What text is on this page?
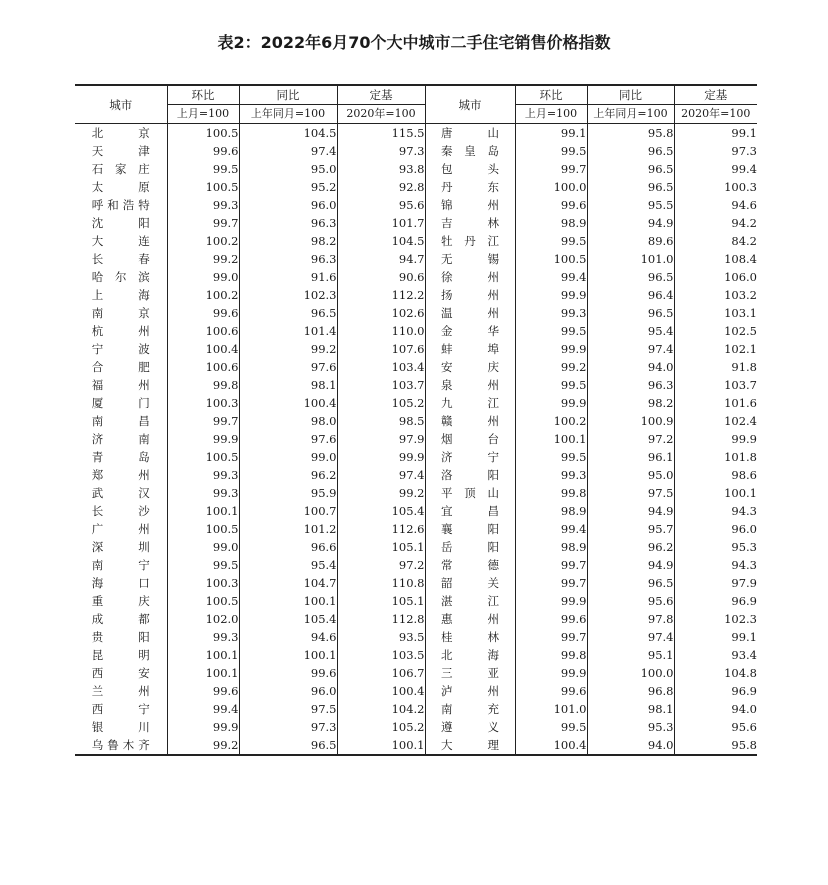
表2：2022年6月70个大中城市二手住宅销售价格指数
城市	环比	同比	定基	城市	环比	同比	定基
	上月=100	上年同月=100	2020年=100		上月=100	上年同月=100	2020年=100
北　京	100.5	104.5	115.5	唐　山	99.1	95.8	99.1
天　津	99.6	97.4	97.3	秦皇岛	99.5	96.5	97.3
石家庄	99.5	95.0	93.8	包　头	99.7	96.5	99.4
太　原	100.5	95.2	92.8	丹　东	100.0	96.5	100.3
呼和浩特	99.3	96.0	95.6	锦　州	99.6	95.5	94.6
沈　阳	99.7	96.3	101.7	吉　林	98.9	94.9	94.2
大　连	100.2	98.2	104.5	牡丹江	99.5	89.6	84.2
长　春	99.2	96.3	94.7	无　锡	100.5	101.0	108.4
哈尔滨	99.0	91.6	90.6	徐　州	99.4	96.5	106.0
上　海	100.2	102.3	112.2	扬　州	99.9	96.4	103.2
南　京	99.6	96.5	102.6	温　州	99.3	96.5	103.1
杭　州	100.6	101.4	110.0	金　华	99.5	95.4	102.5
宁　波	100.4	99.2	107.6	蚌　埠	99.9	97.4	102.1
合　肥	100.6	97.6	103.4	安　庆	99.2	94.0	91.8
福　州	99.8	98.1	103.7	泉　州	99.5	96.3	103.7
厦　门	100.3	100.4	105.2	九　江	99.9	98.2	101.6
南　昌	99.7	98.0	98.5	赣　州	100.2	100.9	102.4
济　南	99.9	97.6	97.9	烟　台	100.1	97.2	99.9
青　岛	100.5	99.0	99.9	济　宁	99.5	96.1	101.8
郑　州	99.3	96.2	97.4	洛　阳	99.3	95.0	98.6
武　汉	99.3	95.9	99.2	平顶山	99.8	97.5	100.1
长　沙	100.1	100.7	105.4	宜　昌	98.9	94.9	94.3
广　州	100.5	101.2	112.6	襄　阳	99.4	95.7	96.0
深　圳	99.0	96.6	105.1	岳　阳	98.9	96.2	95.3
南　宁	99.5	95.4	97.2	常　德	99.7	94.9	94.3
海　口	100.3	104.7	110.8	韶　关	99.7	96.5	97.9
重　庆	100.5	100.1	105.1	湛　江	99.9	95.6	96.9
成　都	102.0	105.4	112.8	惠　州	99.6	97.8	102.3
贵　阳	99.3	94.6	93.5	桂　林	99.7	97.4	99.1
昆　明	100.1	100.1	103.5	北　海	99.8	95.1	93.4
西　安	100.1	99.6	106.7	三　亚	99.9	100.0	104.8
兰　州	99.6	96.0	100.4	泸　州	99.6	96.8	96.9
西　宁	99.4	97.5	104.2	南　充	101.0	98.1	94.0
银　川	99.9	97.3	105.2	遵　义	99.5	95.3	95.6
乌鲁木齐	99.2	96.5	100.1	大　理	100.4	94.0	95.8
